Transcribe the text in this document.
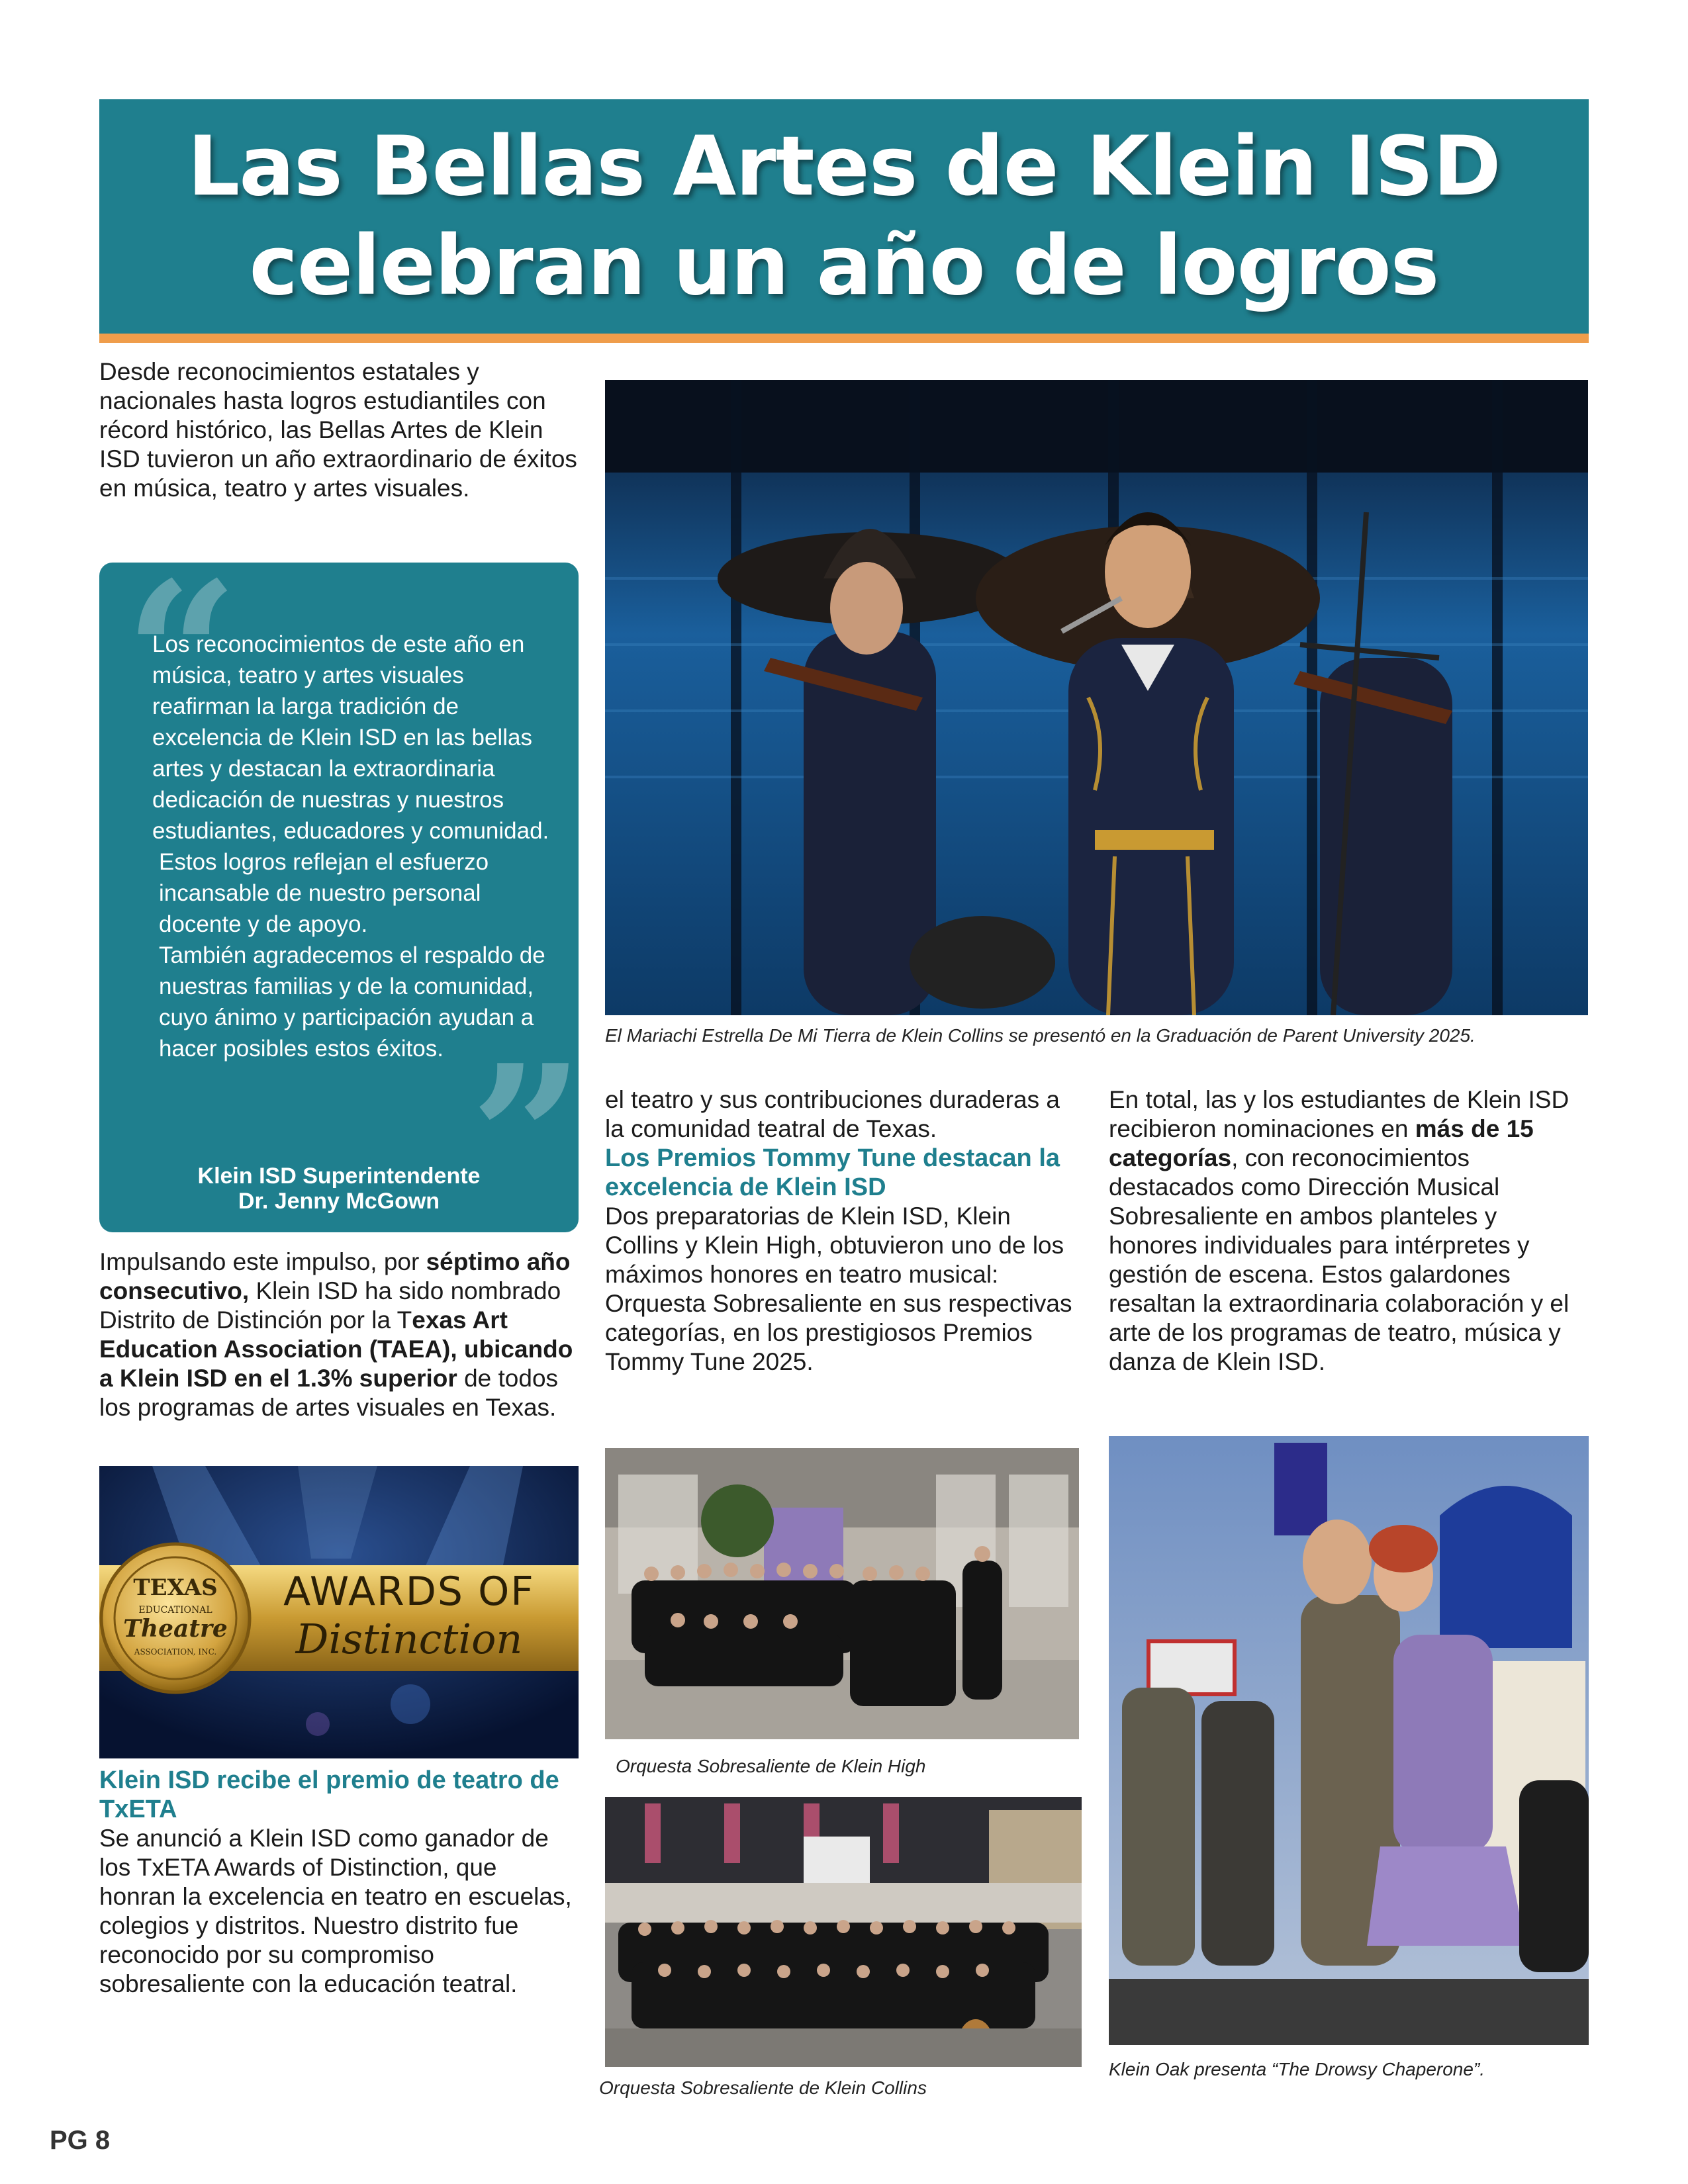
Las Bellas Artes de Klein ISD
celebran un año de logros

Desde reconocimientos estatales y nacionales hasta logros estudiantiles con récord histórico, las Bellas Artes de Klein ISD tuvieron un año extraordinario de éxitos en música, teatro y artes visuales.

“
”

Los reconocimientos de este año en música, teatro y artes visuales reafirman la larga tradición de excelencia de Klein ISD en las bellas artes y destacan la extraordinaria dedicación de nuestras y nuestros estudiantes, educadores y comunidad.

Estos logros reflejan el esfuerzo incansable de nuestro personal docente y de apoyo.

También agradecemos el respaldo de nuestras familias y de la comunidad, cuyo ánimo y participación ayudan a hacer posibles estos éxitos.

Klein ISD Superintendente
Dr. Jenny McGown

Impulsando este impulso, por séptimo año consecutivo, Klein ISD ha sido nombrado Distrito de Distinción por la Texas Art Education Association (TAEA), ubicando a Klein ISD en el 1.3% superior de todos los programas de artes visuales en Texas.

TEXAS
EDUCATIONAL
Theatre
ASSOCIATION, INC.
AWARDS OF
Distinction
Klein ISD recibe el premio de teatro de TxETA

Se anunció a Klein ISD como ganador de los TxETA Awards of Distinction, que honran la excelencia en teatro en escuelas, colegios y distritos. Nuestro distrito fue reconocido por su compromiso sobresaliente con la educación teatral.

El Mariachi Estrella De Mi Tierra de Klein Collins se presentó en la Graduación de Parent University 2025.

el teatro y sus contribuciones duraderas a la comunidad teatral de Texas.

Los Premios Tommy Tune destacan la excelencia de Klein ISD

Dos preparatorias de Klein ISD, Klein Collins y Klein High, obtuvieron uno de los máximos honores en teatro musical: Orquesta Sobresaliente en sus respectivas categorías, en los prestigiosos Premios Tommy Tune 2025.

En total, las y los estudiantes de Klein ISD recibieron nominaciones en más de 15 categorías, con reconocimientos destacados como Dirección Musical Sobresaliente en ambos planteles y honores individuales para intérpretes y gestión de escena. Estos galardones resaltan la extraordinaria colaboración y el arte de los programas de teatro, música y danza de Klein ISD.

Orquesta Sobresaliente de Klein High
Orquesta Sobresaliente de Klein Collins
Klein Oak presenta “The Drowsy Chaperone”.
PG 8
